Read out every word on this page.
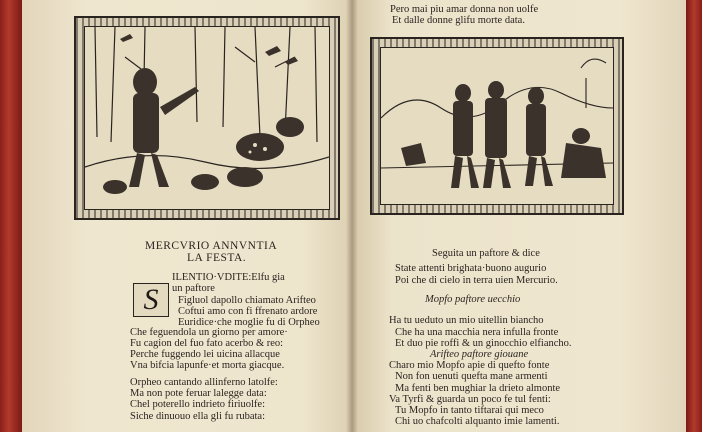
Pero mai piu amar donna non uolfe
Et dalle donne glifu morte data.
Seguita un paftore & dice
State attenti brighata·buono augurio
Poi che di cielo in terra uien Mercurio.
Mopfo paftore uecchio
Ha tu ueduto un mio uitellin biancho
Che ha una macchia nera infulla fronte
Et duo pie roffi & un ginocchio elfiancho.
Arifteo paftore giouane
Charo mio Mopfo apie di quefto fonte
Non fon uenuti quefta mane armenti
Ma fenti ben mughiar la drieto almonte
Va Tyrfi & guarda un poco fe tul fenti:
Tu Mopfo in tanto tiftarai qui meco
Chi uo chafcolti alquanto imie lamenti.
MERCVRIO ANNVNTIA
LA FESTA.
S
ILENTIO·VDITE:Elfu gia
un paftore
Figluol dapollo chiamato Arifteo
Coftui amo con fi ffrenato ardore
Euridice·che moglie fu di Orpheo
Che feguendola un giorno per amore·
Fu cagion del fuo fato acerbo & reo:
Perche fuggendo lei uicina allacque
Vna bifcia lapunfe·et morta giacque.
Orpheo cantando allinferno latolfe:
Ma non pote feruar lalegge data:
Chel poterello indrieto firiuolfe:
Siche dinuouo ella gli fu rubata:
